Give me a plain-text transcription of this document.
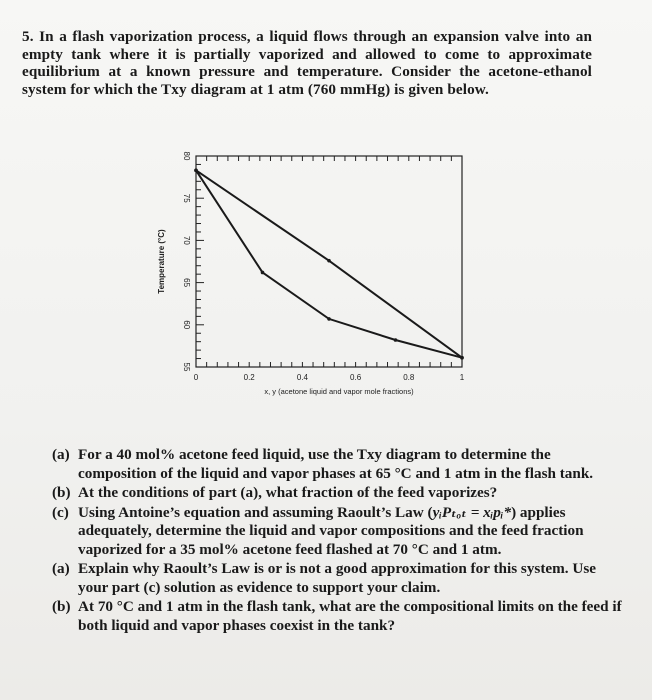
5. In a flash vaporization process, a liquid flows through an expansion valve into an empty tank where it is partially vaporized and allowed to come to approximate equilibrium at a known pressure and temperature. Consider the acetone-ethanol system for which the Txy diagram at 1 atm (760 mmHg) is given below.
55
60
65
70
75
80
0	0.2	0.4	0.6	0.8	1
x, y (acetone liquid and vapor mole fractions)
Temperature (°C)
(a) For a 40 mol% acetone feed liquid, use the Txy diagram to determine the composition of the liquid and vapor phases at 65 °C and 1 atm in the flash tank.
(b) At the conditions of part (a), what fraction of the feed vaporizes?
(c) Using Antoine’s equation and assuming Raoult’s Law (yᵢPₜₒₜ = xᵢpᵢ*) applies adequately, determine the liquid and vapor compositions and the feed fraction vaporized for a 35 mol% acetone feed flashed at 70 °C and 1 atm.
(a) Explain why Raoult’s Law is or is not a good approximation for this system. Use your part (c) solution as evidence to support your claim.
(b) At 70 °C and 1 atm in the flash tank, what are the compositional limits on the feed if both liquid and vapor phases coexist in the tank?
